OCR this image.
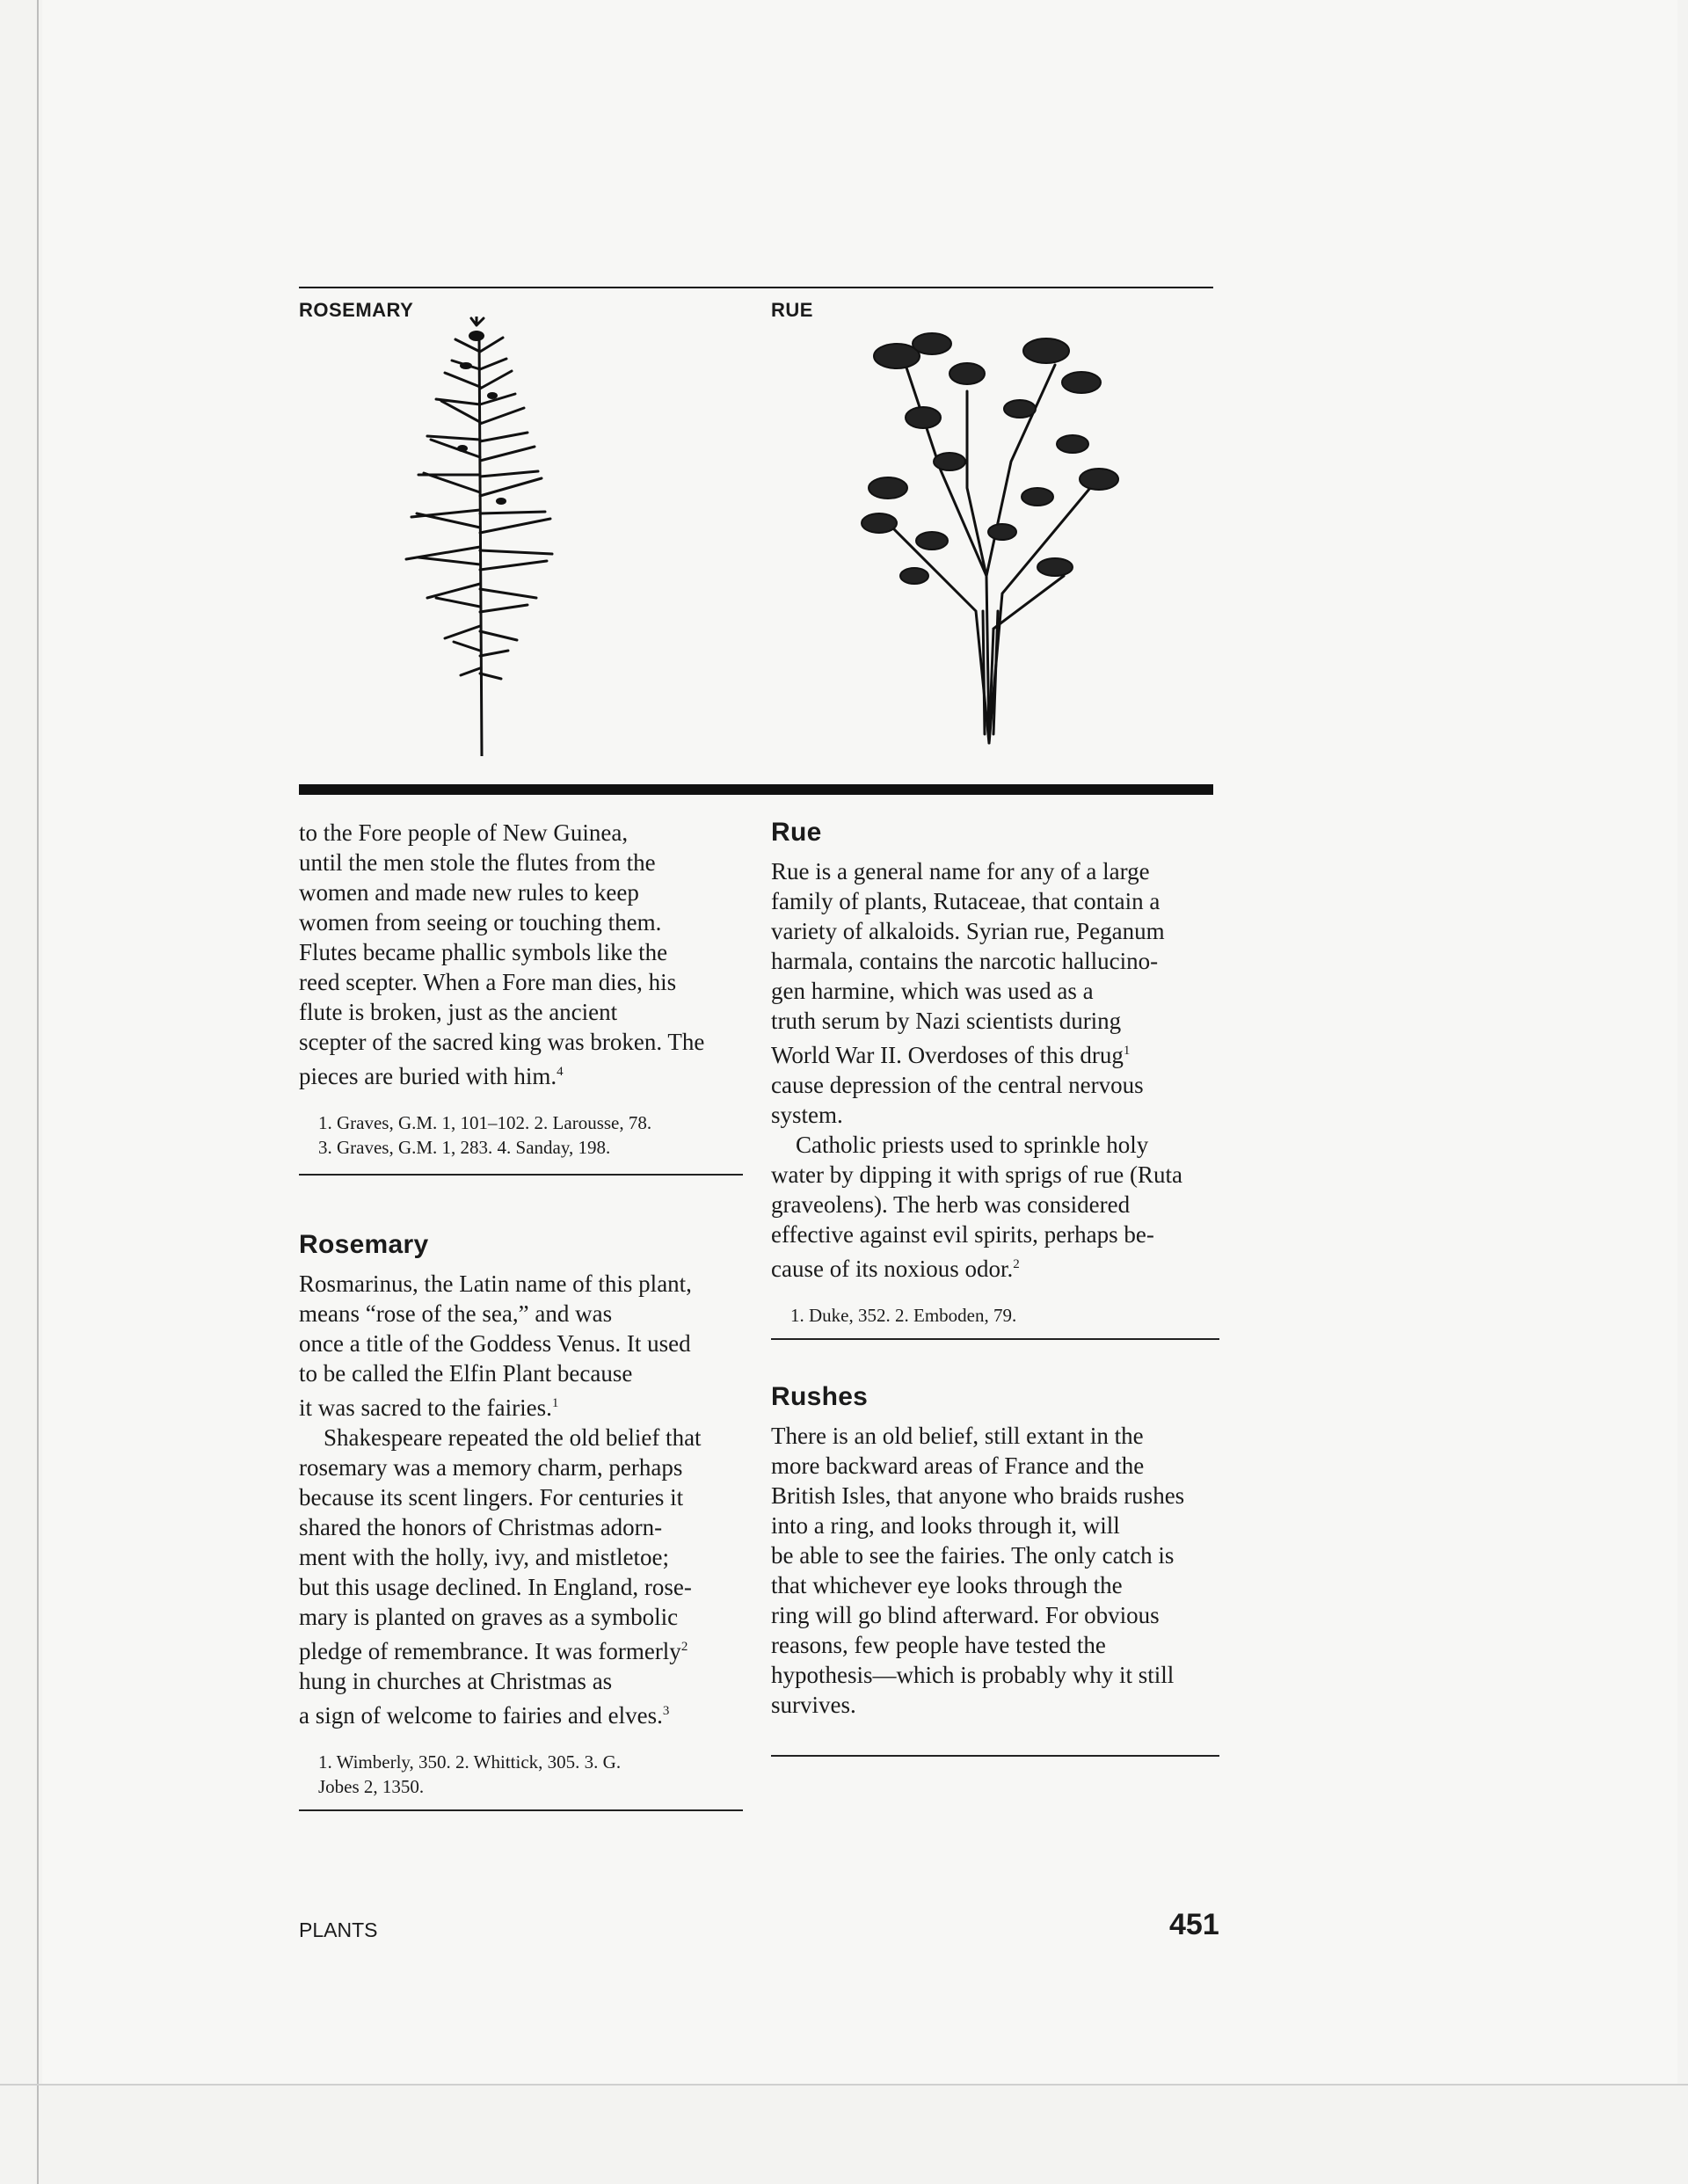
ROSEMARY	RUE

to the Fore people of New Guinea,

until the men stole the flutes from the

women and made new rules to keep

women from seeing or touching them.

Flutes became phallic symbols like the

reed scepter. When a Fore man dies, his

flute is broken, just as the ancient

scepter of the sacred king was broken. The

pieces are buried with him.$^4$

1. Graves, G.M. 1, 101–102. 2. Larousse, 78.

3. Graves, G.M. 1, 283. 4. Sanday, 198.

Rosemary

Rosmarinus, the Latin name of this plant,

means “rose of the sea,” and was

once a title of the Goddess Venus. It used

to be called the Elfin Plant because

it was sacred to the fairies.$^1$

Shakespeare repeated the old belief that

rosemary was a memory charm, perhaps

because its scent lingers. For centuries it

shared the honors of Christmas adorn-

ment with the holly, ivy, and mistletoe;

but this usage declined. In England, rose-

mary is planted on graves as a symbolic

pledge of remembrance. It was formerly$^2$

hung in churches at Christmas as

a sign of welcome to fairies and elves.$^3$

1. Wimberly, 350. 2. Whittick, 305. 3. G.

Jobes 2, 1350.

Rue

Rue is a general name for any of a large

family of plants, Rutaceae, that contain a

variety of alkaloids. Syrian rue, Peganum

harmala, contains the narcotic hallucino-

gen harmine, which was used as a

truth serum by Nazi scientists during

World War II. Overdoses of this drug$^1$

cause depression of the central nervous

system.

Catholic priests used to sprinkle holy

water by dipping it with sprigs of rue (Ruta

graveolens). The herb was considered

effective against evil spirits, perhaps be-

cause of its noxious odor.$^2$

1. Duke, 352. 2. Emboden, 79.

Rushes

There is an old belief, still extant in the

more backward areas of France and the

British Isles, that anyone who braids rushes

into a ring, and looks through it, will

be able to see the fairies. The only catch is

that whichever eye looks through the

ring will go blind afterward. For obvious

reasons, few people have tested the

hypothesis—which is probably why it still

survives.

PLANTS	451
